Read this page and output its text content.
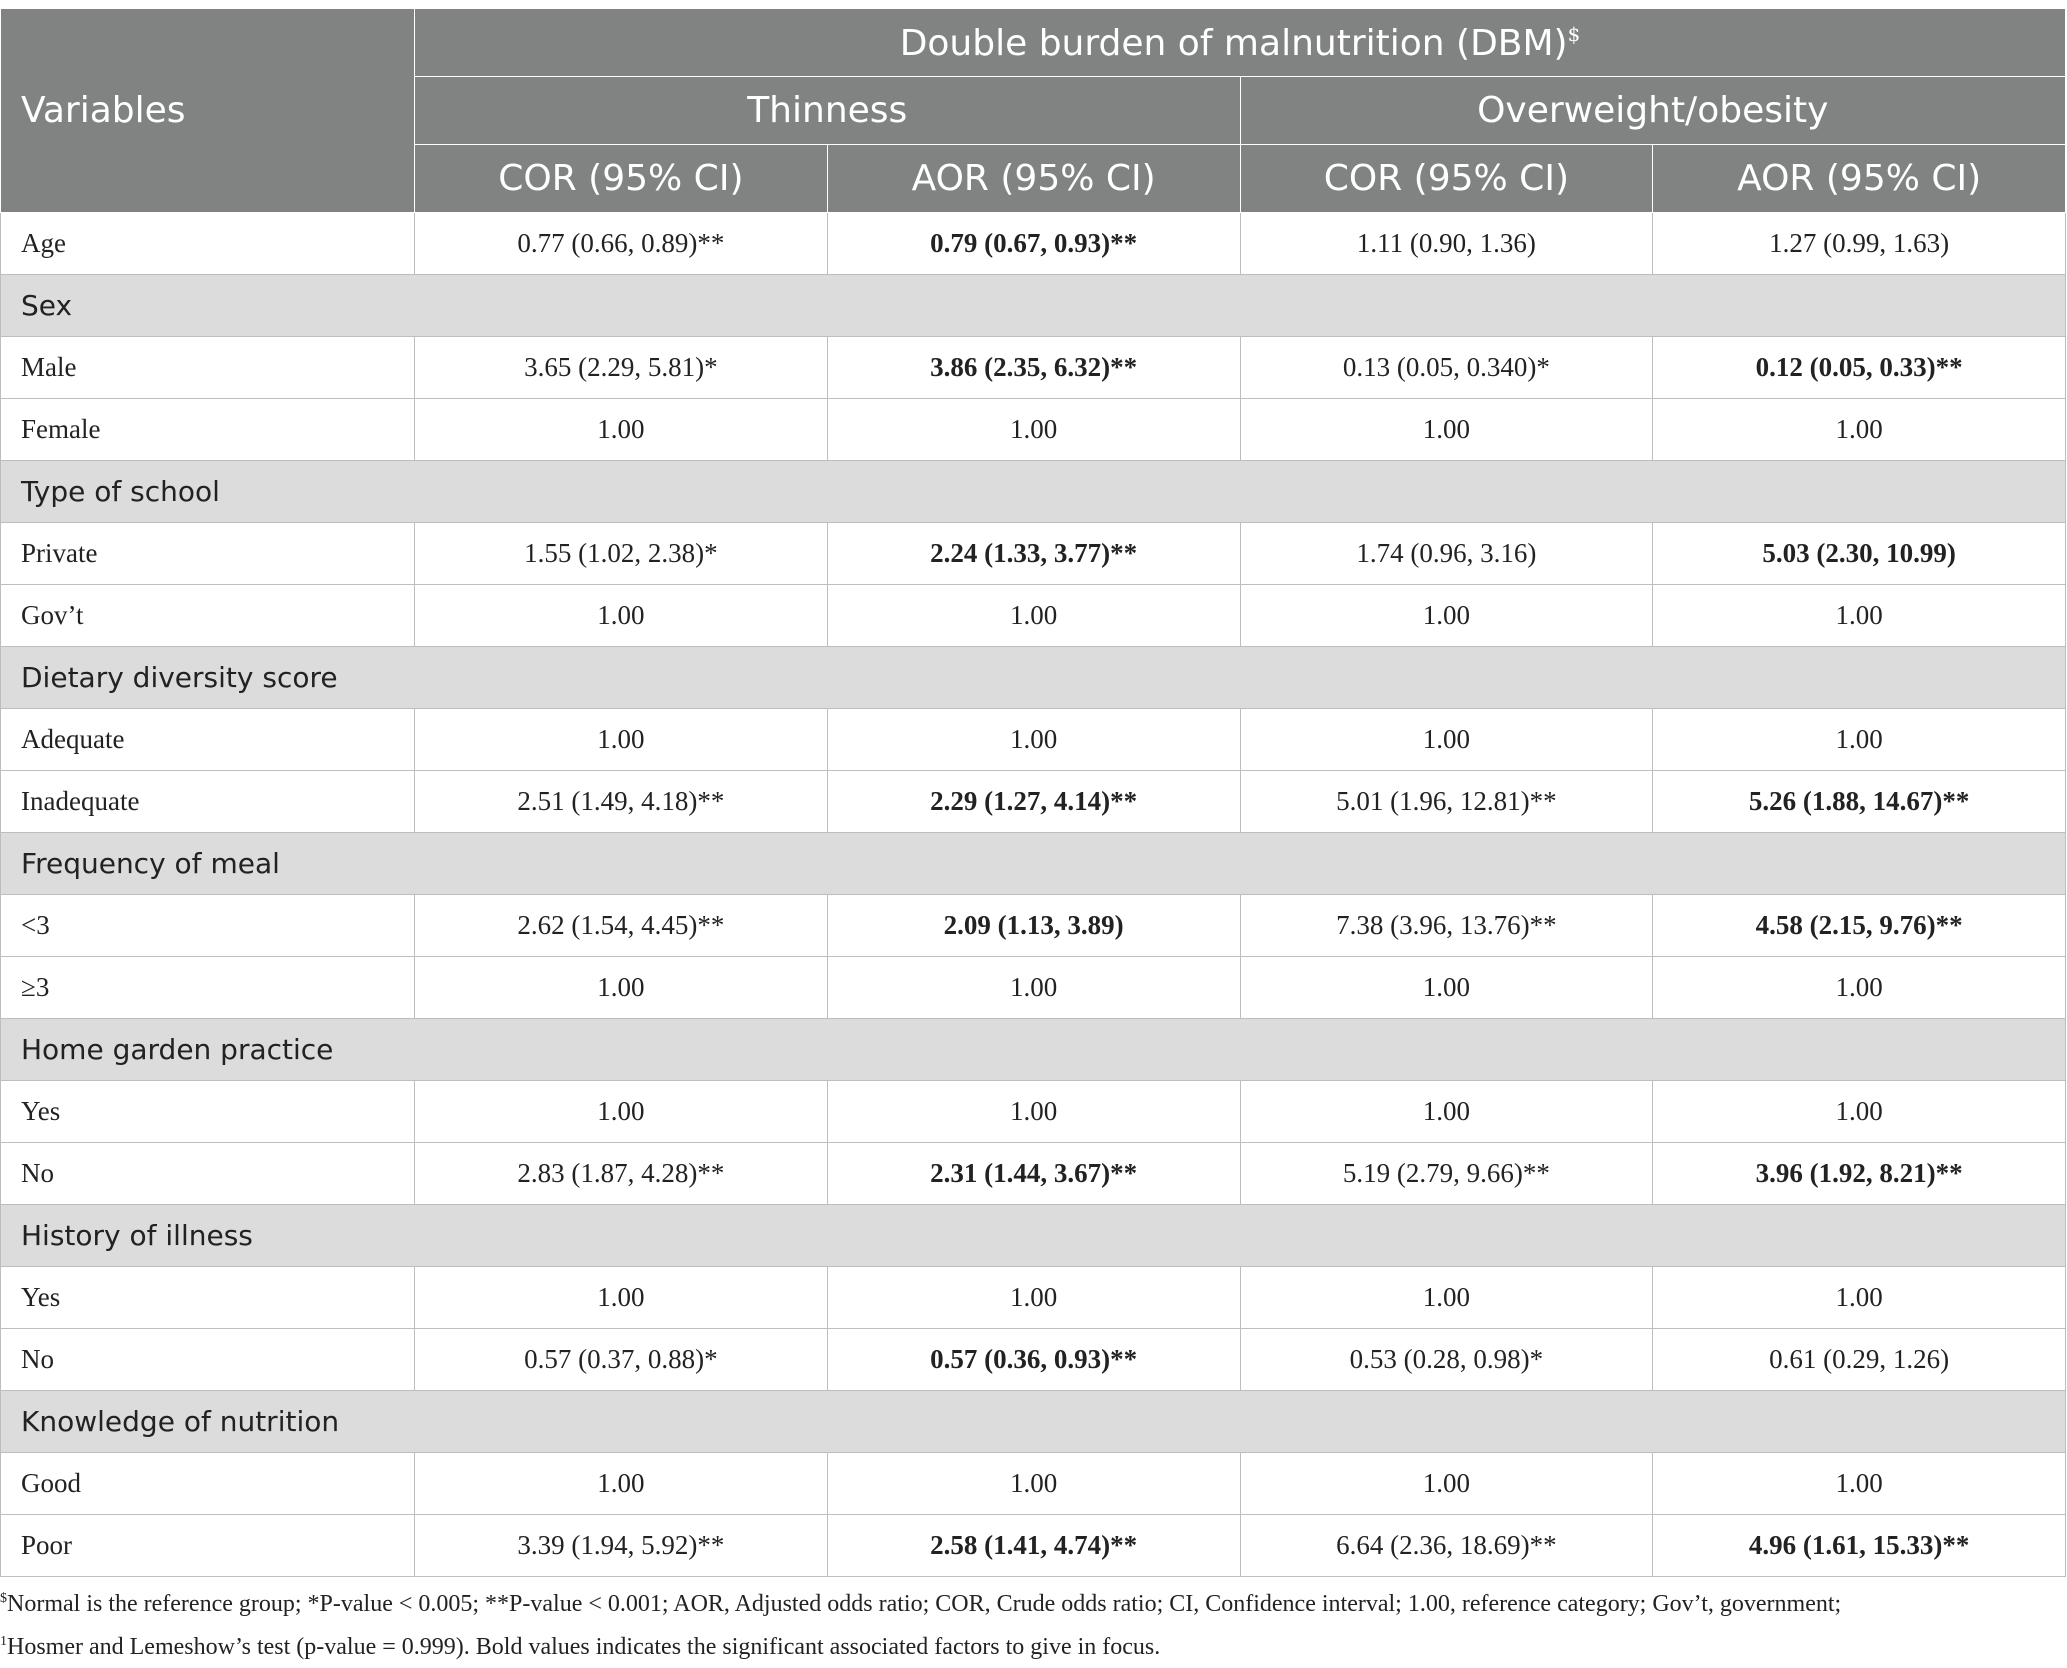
Variables	Double burden of malnutrition (DBM)$
	Thinness		Overweight/obesity	
	COR (95% CI)	AOR (95% CI)	COR (95% CI)	AOR (95% CI)
Age	0.77 (0.66, 0.89)**	0.79 (0.67, 0.93)**	1.11 (0.90, 1.36)	1.27 (0.99, 1.63)
Sex				
Male	3.65 (2.29, 5.81)*	3.86 (2.35, 6.32)**	0.13 (0.05, 0.340)*	0.12 (0.05, 0.33)**
Female	1.00	1.00	1.00	1.00
Type of school				
Private	1.55 (1.02, 2.38)*	2.24 (1.33, 3.77)**	1.74 (0.96, 3.16)	5.03 (2.30, 10.99)
Gov’t	1.00	1.00	1.00	1.00
Dietary diversity score				
Adequate	1.00	1.00	1.00	1.00
Inadequate	2.51 (1.49, 4.18)**	2.29 (1.27, 4.14)**	5.01 (1.96, 12.81)**	5.26 (1.88, 14.67)**
Frequency of meal				
<3	2.62 (1.54, 4.45)**	2.09 (1.13, 3.89)	7.38 (3.96, 13.76)**	4.58 (2.15, 9.76)**
≥3	1.00	1.00	1.00	1.00
Home garden practice				
Yes	1.00	1.00	1.00	1.00
No	2.83 (1.87, 4.28)**	2.31 (1.44, 3.67)**	5.19 (2.79, 9.66)**	3.96 (1.92, 8.21)**
History of illness				
Yes	1.00	1.00	1.00	1.00
No	0.57 (0.37, 0.88)*	0.57 (0.36, 0.93)**	0.53 (0.28, 0.98)*	0.61 (0.29, 1.26)
Knowledge of nutrition				
Good	1.00	1.00	1.00	1.00
Poor	3.39 (1.94, 5.92)**	2.58 (1.41, 4.74)**	6.64 (2.36, 18.69)**	4.96 (1.61, 15.33)**
$Normal is the reference group; *P-value < 0.005; **P-value < 0.001; AOR, Adjusted odds ratio; COR, Crude odds ratio; CI, Confidence interval; 1.00, reference category; Gov’t, government;
$^1$Hosmer and Lemeshow’s test (p-value = 0.999). Bold values indicates the significant associated factors to give in focus.
